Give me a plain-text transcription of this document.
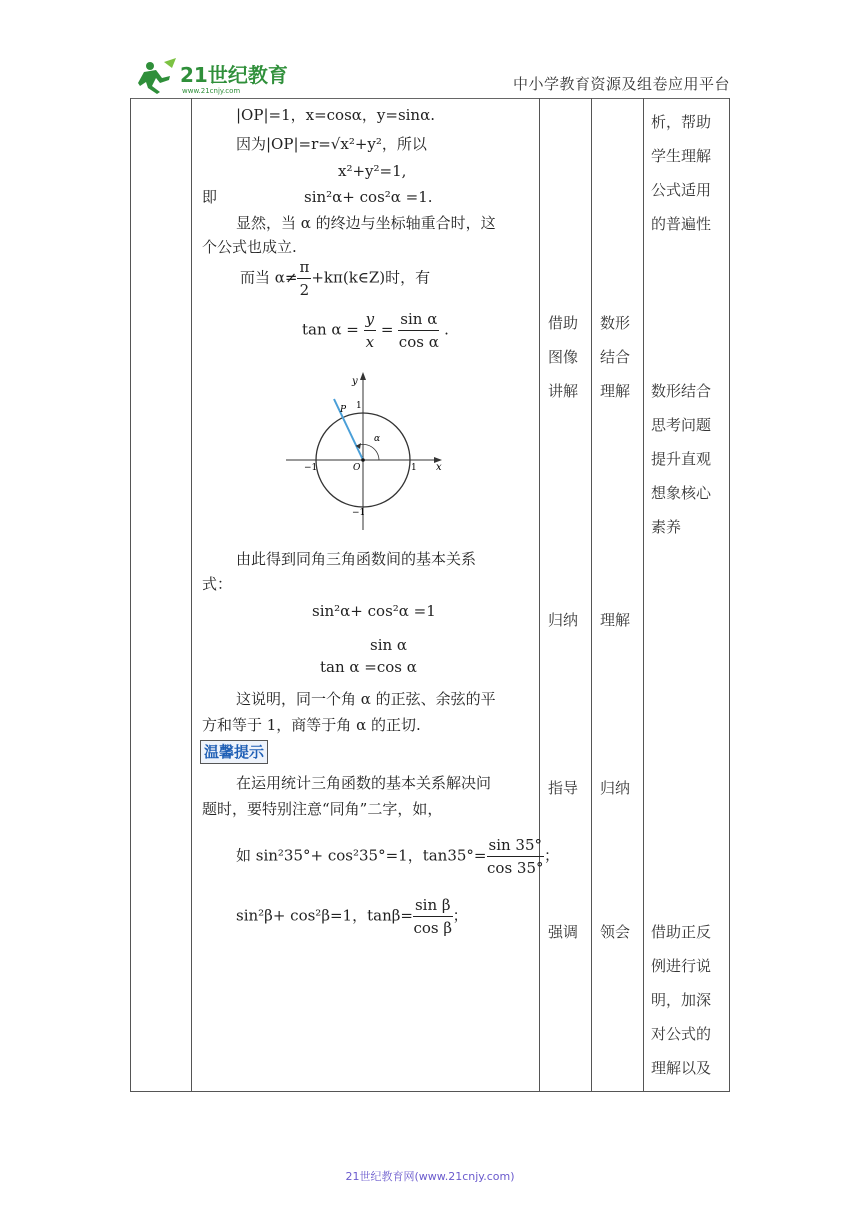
21世纪教育
www.21cnjy.com	中小学教育资源及组卷应用平台
|OP|=1，x=cosα，y=sinα.
因为|OP|=r=√x²+y²，所以
x²+y²=1,
即	sin²α+ cos²α =1.
显然，当 α 的终边与坐标轴重合时，这
个公式也成立.
而当 $\alpha\ne \frac{\pi}{2}$ +kπ(k∈Z)时，有
$\tan \alpha = \frac{y}{x} = \frac{\text{sin α}}{\text{cos α}}$ .
y
x
P
O
α
1
−1
1
−1
由此得到同角三角函数间的基本关系
式：
sin²α+ cos²α =1
sin α
tan α =cos α
这说明，同一个角 α 的正弦、余弦的平
方和等于 1，商等于角 α 的正切.
温馨提示
在运用统计三角函数的基本关系解决问
题时，要特别注意“同角”二字，如，
如 sin²35°+ cos²35°=1，$\tan 35^\circ= \frac{\sin 35^\circ}{\cos 35^\circ}$ ；
sin²β+ cos²β=1，$\tan\beta= \frac{\text{sin β}}{\text{cos β}}$ ；
借助
图像
讲解
归纳
指导
强调
数形
结合
理解
理解
归纳
领会
析，帮助
学生理解
公式适用
的普遍性
数形结合
思考问题
提升直观
想象核心
素养
借助正反
例进行说
明，加深
对公式的
理解以及
21世纪教育网(www.21cnjy.com)
